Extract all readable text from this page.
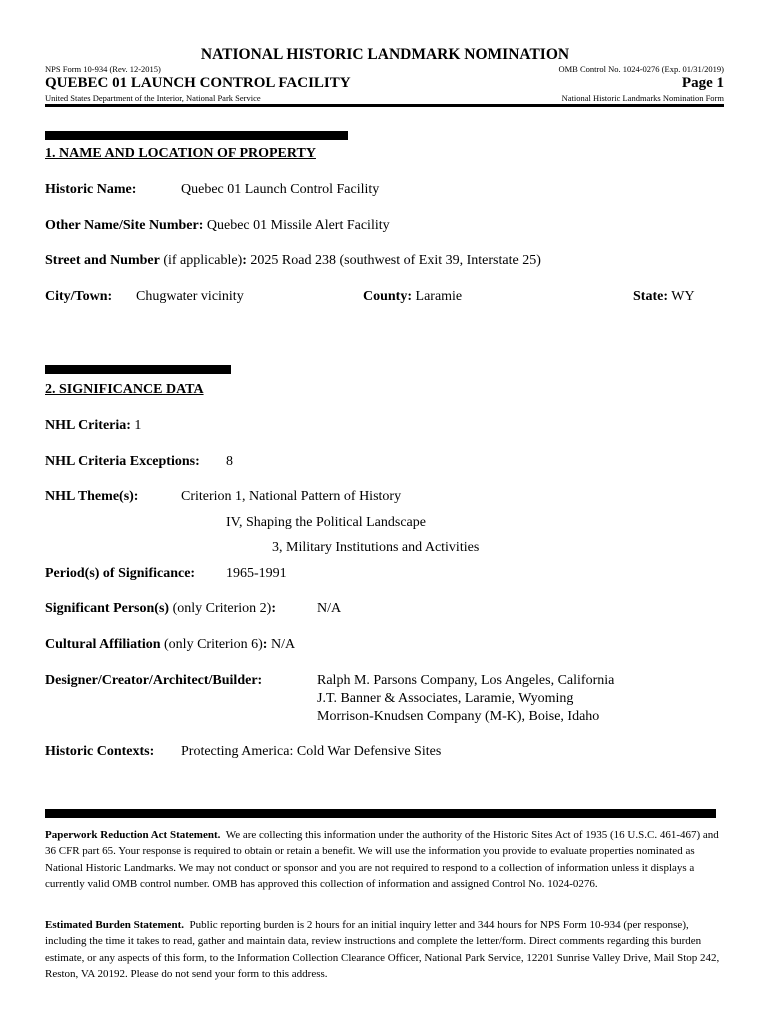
NATIONAL HISTORIC LANDMARK NOMINATION
NPS Form 10-934 (Rev. 12-2015)	OMB Control No. 1024-0276 (Exp. 01/31/2019)
QUEBEC 01 LAUNCH CONTROL FACILITY	Page 1
United States Department of the Interior, National Park Service	National Historic Landmarks Nomination Form
1. NAME AND LOCATION OF PROPERTY
Historic Name:	Quebec 01 Launch Control Facility
Other Name/Site Number: Quebec 01 Missile Alert Facility
Street and Number (if applicable): 2025 Road 238 (southwest of Exit 39, Interstate 25)
City/Town: Chugwater vicinity	County: Laramie	State: WY
2. SIGNIFICANCE DATA
NHL Criteria: 1
NHL Criteria Exceptions: 8
NHL Theme(s):	Criterion 1, National Pattern of History
IV, Shaping the Political Landscape
3, Military Institutions and Activities
Period(s) of Significance: 1965-1991
Significant Person(s) (only Criterion 2):	N/A
Cultural Affiliation (only Criterion 6): N/A
Designer/Creator/Architect/Builder:	Ralph M. Parsons Company, Los Angeles, California
J.T. Banner & Associates, Laramie, Wyoming
Morrison-Knudsen Company (M-K), Boise, Idaho
Historic Contexts: Protecting America: Cold War Defensive Sites
Paperwork Reduction Act Statement. We are collecting this information under the authority of the Historic Sites Act of 1935 (16 U.S.C. 461-467) and 36 CFR part 65. Your response is required to obtain or retain a benefit. We will use the information you provide to evaluate properties nominated as National Historic Landmarks. We may not conduct or sponsor and you are not required to respond to a collection of information unless it displays a currently valid OMB control number. OMB has approved this collection of information and assigned Control No. 1024-0276.
Estimated Burden Statement. Public reporting burden is 2 hours for an initial inquiry letter and 344 hours for NPS Form 10-934 (per response), including the time it takes to read, gather and maintain data, review instructions and complete the letter/form. Direct comments regarding this burden estimate, or any aspects of this form, to the Information Collection Clearance Officer, National Park Service, 12201 Sunrise Valley Drive, Mail Stop 242, Reston, VA 20192. Please do not send your form to this address.
